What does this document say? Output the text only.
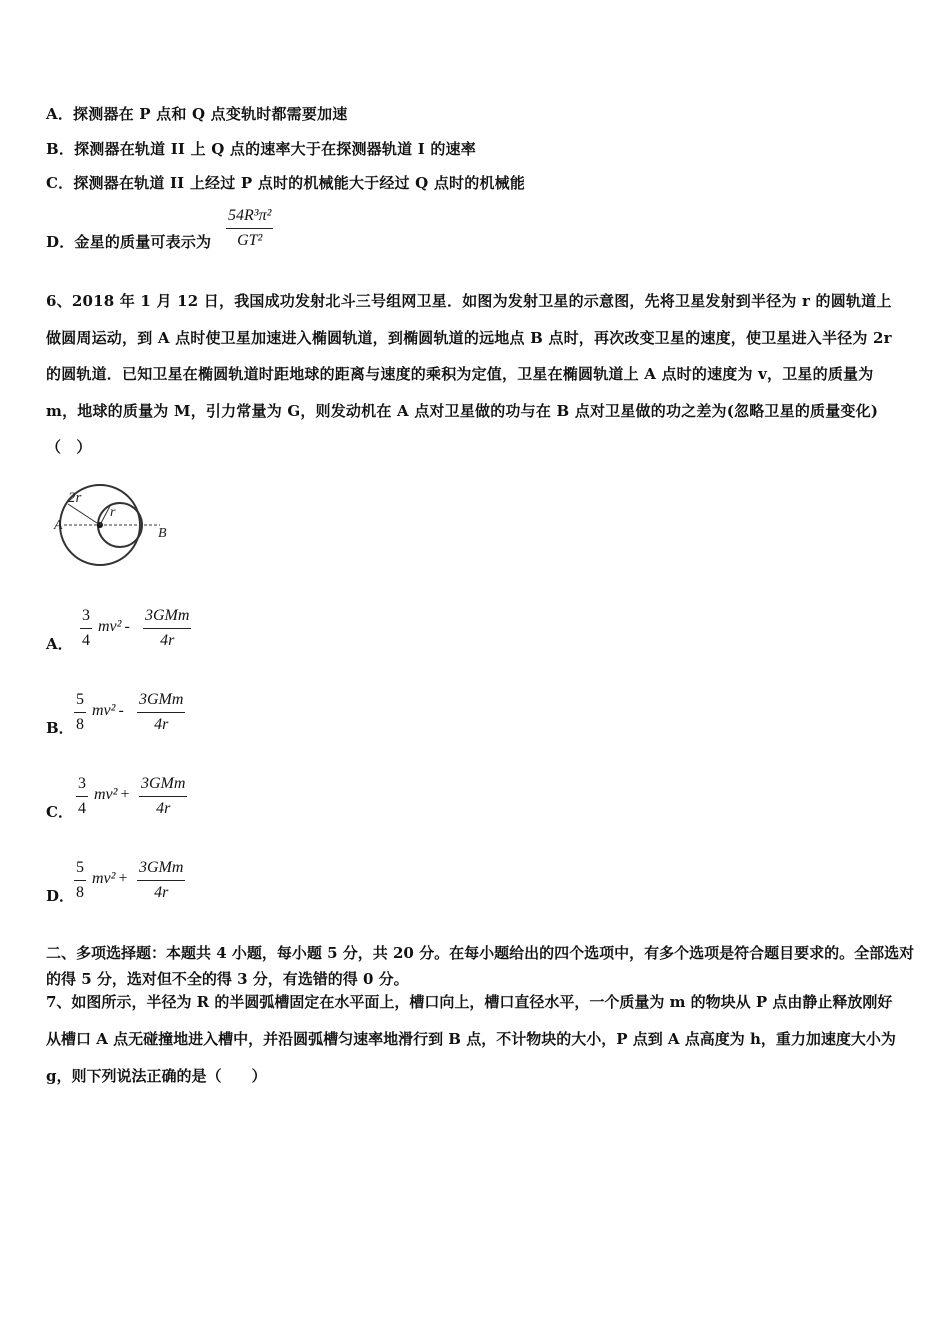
A．探测器在 P 点和 Q 点变轨时都需要加速
B．探测器在轨道 II 上 Q 点的速率大于在探测器轨道 I 的速率
C．探测器在轨道 II 上经过 P 点时的机械能大于经过 Q 点时的机械能
D．金星的质量可表示为 $\frac{\text{54R³π²}}{\text{GT²}}$
6、2018 年 1 月 12 日，我国成功发射北斗三号组网卫星．如图为发射卫星的示意图，先将卫星发射到半径为 r 的圆轨道上做圆周运动，到 A 点时使卫星加速进入椭圆轨道，到椭圆轨道的远地点 B 点时，再次改变卫星的速度，使卫星进入半径为 2r 的圆轨道．已知卫星在椭圆轨道时距地球的距离与速度的乘积为定值，卫星在椭圆轨道上 A 点时的速度为 v，卫星的质量为 m，地球的质量为 M，引力常量为 G，则发动机在 A 点对卫星做的功与在 B 点对卫星做的功之差为(忽略卫星的质量变化)（　）
2r
r
A
B
A． $\frac{3}{4} mv^2$ -
3GMm
4r
B． $\frac{5}{8} mv^2$ -
3GMm
4r
C． $\frac{3}{4} mv^2$ +
3GMm
4r
D． $\frac{5}{8} mv^2$ +
3GMm
4r
二、多项选择题：本题共 4 小题，每小题 5 分，共 20 分。在每小题给出的四个选项中，有多个选项是符合题目要求的。全部选对的得 5 分，选对但不全的得 3 分，有选错的得 0 分。
7、如图所示，半径为 R 的半圆弧槽固定在水平面上，槽口向上，槽口直径水平，一个质量为 m 的物块从 P 点由静止释放刚好从槽口 A 点无碰撞地进入槽中，并沿圆弧槽匀速率地滑行到 B 点，不计物块的大小，P 点到 A 点高度为 h，重力加速度大小为 g，则下列说法正确的是（　　）
